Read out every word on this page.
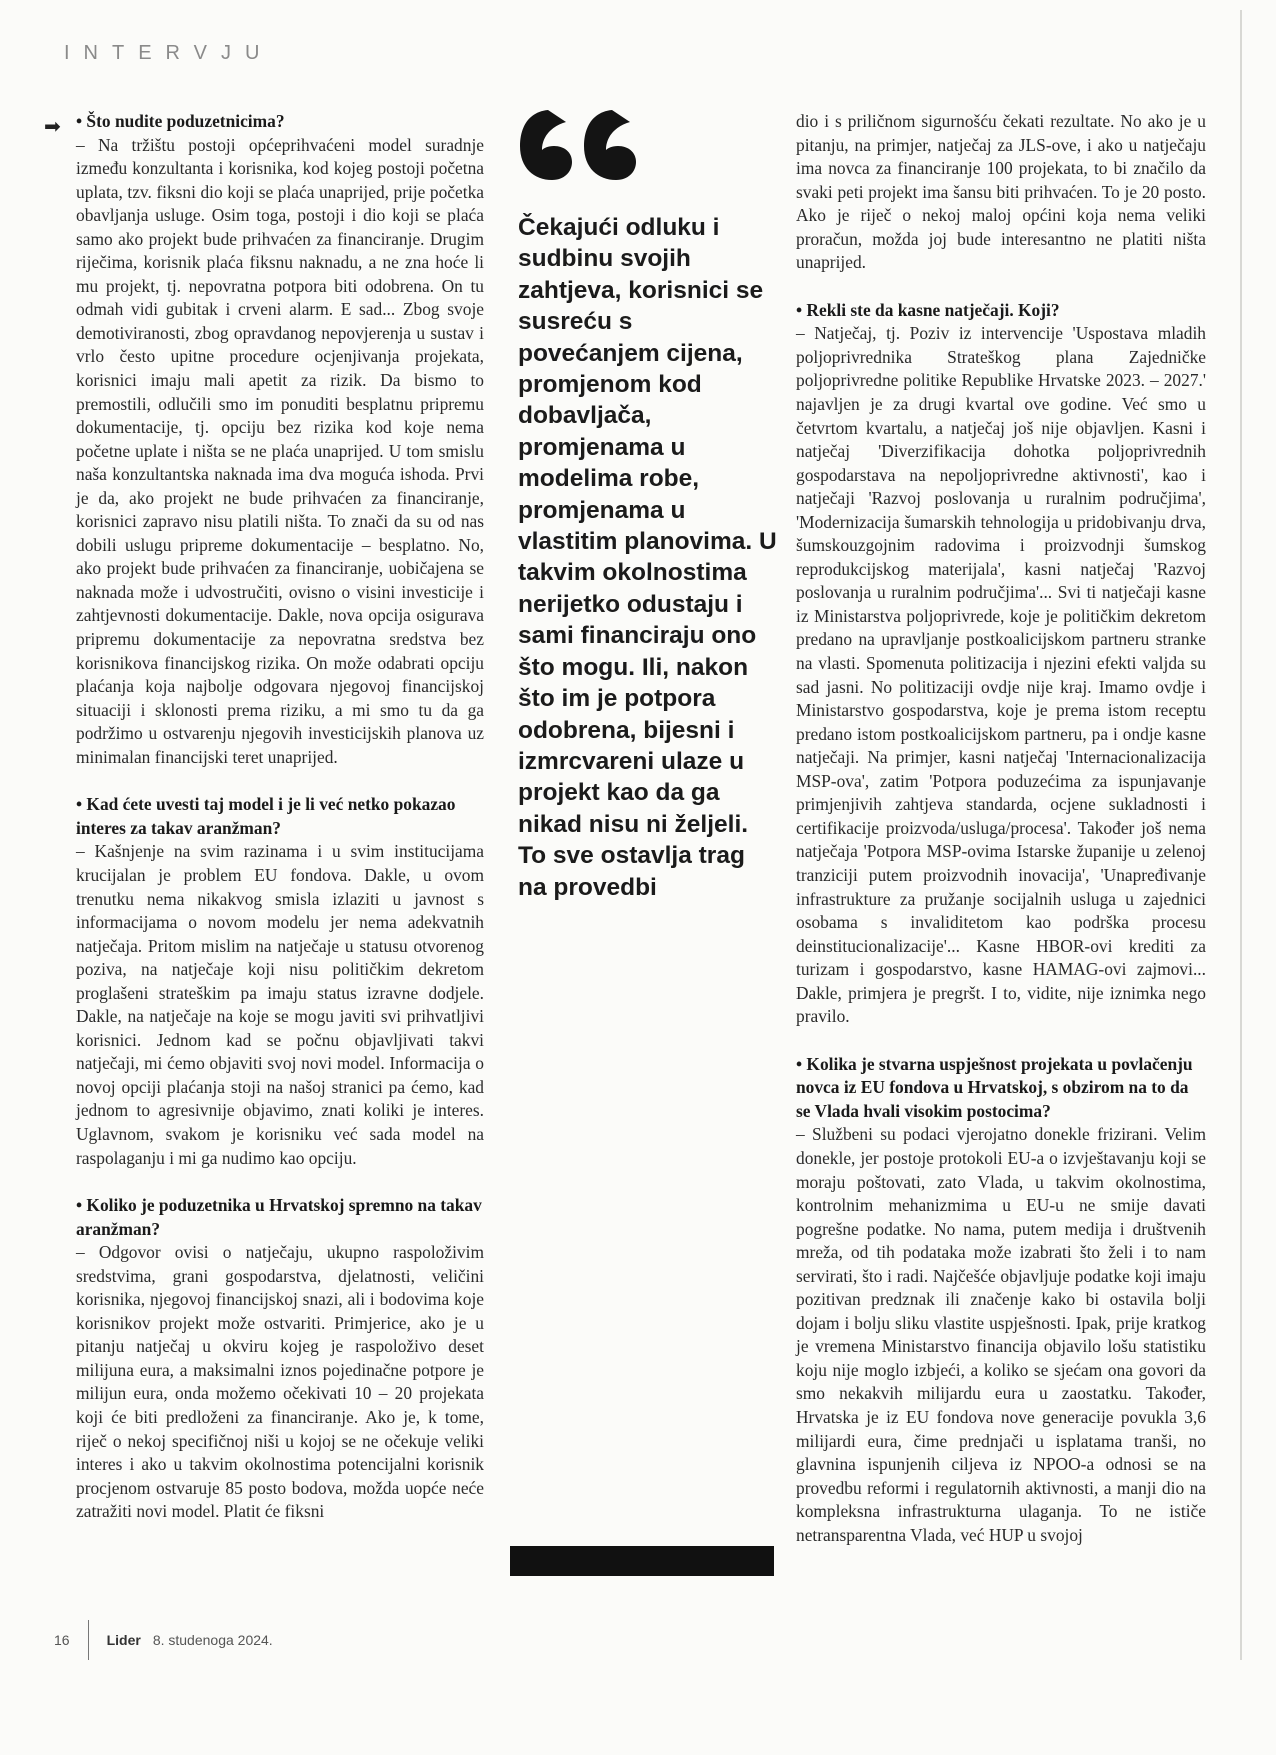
INTERVJU
➡ • Što nudite poduzetnicima?

– Na tržištu postoji općeprihvaćeni model suradnje između konzultanta i korisnika, kod kojeg postoji početna uplata, tzv. fiksni dio koji se plaća unaprijed, prije početka obavljanja usluge. Osim toga, postoji i dio koji se plaća samo ako projekt bude prihvaćen za financiranje. Drugim riječima, korisnik plaća fiksnu naknadu, a ne zna hoće li mu projekt, tj. nepovratna potpora biti odobrena. On tu odmah vidi gubitak i crveni alarm. E sad... Zbog svoje demotiviranosti, zbog opravdanog nepovjerenja u sustav i vrlo često upitne procedure ocjenjivanja projekata, korisnici imaju mali apetit za rizik. Da bismo to premostili, odlučili smo im ponuditi besplatnu pripremu dokumentacije, tj. opciju bez rizika kod koje nema početne uplate i ništa se ne plaća unaprijed. U tom smislu naša konzultantska naknada ima dva moguća ishoda. Prvi je da, ako projekt ne bude prihvaćen za financiranje, korisnici zapravo nisu platili ništa. To znači da su od nas dobili uslugu pripreme dokumentacije – besplatno. No, ako projekt bude prihvaćen za financiranje, uobičajena se naknada može i udvostručiti, ovisno o visini investicije i zahtjevnosti dokumentacije. Dakle, nova opcija osigurava pripremu dokumentacije za nepovratna sredstva bez korisnikova financijskog rizika. On može odabrati opciju plaćanja koja najbolje odgovara njegovoj financijskoj situaciji i sklonosti prema riziku, a mi smo tu da ga podržimo u ostvarenju njegovih investicijskih planova uz minimalan financijski teret unaprijed.

• Kad ćete uvesti taj model i je li već netko pokazao interes za takav aranžman?

– Kašnjenje na svim razinama i u svim institucijama krucijalan je problem EU fondova. Dakle, u ovom trenutku nema nikakvog smisla izlaziti u javnost s informacijama o novom modelu jer nema adekvatnih natječaja. Pritom mislim na natječaje u statusu otvorenog poziva, na natječaje koji nisu političkim dekretom proglašeni strateškim pa imaju status izravne dodjele. Dakle, na natječaje na koje se mogu javiti svi prihvatljivi korisnici. Jednom kad se počnu objavljivati takvi natječaji, mi ćemo objaviti svoj novi model. Informacija o novoj opciji plaćanja stoji na našoj stranici pa ćemo, kad jednom to agresivnije objavimo, znati koliki je interes. Uglavnom, svakom je korisniku već sada model na raspolaganju i mi ga nudimo kao opciju.

• Koliko je poduzetnika u Hrvatskoj spremno na takav aranžman?

– Odgovor ovisi o natječaju, ukupno raspoloživim sredstvima, grani gospodarstva, djelatnosti, veličini korisnika, njegovoj financijskoj snazi, ali i bodovima koje korisnikov projekt može ostvariti. Primjerice, ako je u pitanju natječaj u okviru kojeg je raspoloživo deset milijuna eura, a maksimalni iznos pojedinačne potpore je milijun eura, onda možemo očekivati 10 – 20 projekata koji će biti predloženi za financiranje. Ako je, k tome, riječ o nekoj specifičnoj niši u kojoj se ne očekuje veliki interes i ako u takvim okolnostima potencijalni korisnik procjenom ostvaruje 85 posto bodova, možda uopće neće zatražiti novi model. Platit će fiksni

Čekajući odluku i sudbinu svojih zahtjeva, korisnici se susreću s povećanjem cijena, promjenom kod dobavljača, promjenama u modelima robe, promjenama u vlastitim planovima. U takvim okolnostima nerijetko odustaju i sami financiraju ono što mogu. Ili, nakon što im je potpora odobrena, bijesni i izmrcvareni ulaze u projekt kao da ga nikad nisu ni željeli. To sve ostavlja trag na provedbi

dio i s priličnom sigurnošću čekati rezultate. No ako je u pitanju, na primjer, natječaj za JLS-ove, i ako u natječaju ima novca za financiranje 100 projekata, to bi značilo da svaki peti projekt ima šansu biti prihvaćen. To je 20 posto. Ako je riječ o nekoj maloj općini koja nema veliki proračun, možda joj bude interesantno ne platiti ništa unaprijed.

• Rekli ste da kasne natječaji. Koji?

– Natječaj, tj. Poziv iz intervencije 'Uspostava mladih poljoprivrednika Strateškog plana Zajedničke poljoprivredne politike Republike Hrvatske 2023. – 2027.' najavljen je za drugi kvartal ove godine. Već smo u četvrtom kvartalu, a natječaj još nije objavljen. Kasni i natječaj 'Diverzifikacija dohotka poljoprivrednih gospodarstava na nepoljoprivredne aktivnosti', kao i natječaji 'Razvoj poslovanja u ruralnim područjima', 'Modernizacija šumarskih tehnologija u pridobivanju drva, šumskouzgojnim radovima i proizvodnji šumskog reprodukcijskog materijala', kasni natječaj 'Razvoj poslovanja u ruralnim područjima'... Svi ti natječaji kasne iz Ministarstva poljoprivrede, koje je političkim dekretom predano na upravljanje postkoalicijskom partneru stranke na vlasti. Spomenuta politizacija i njezini efekti valjda su sad jasni. No politizaciji ovdje nije kraj. Imamo ovdje i Ministarstvo gospodarstva, koje je prema istom receptu predano istom postkoalicijskom partneru, pa i ondje kasne natječaji. Na primjer, kasni natječaj 'Internacionalizacija MSP-ova', zatim 'Potpora poduzećima za ispunjavanje primjenjivih zahtjeva standarda, ocjene sukladnosti i certifikacije proizvoda/usluga/procesa'. Također još nema natječaja 'Potpora MSP-ovima Istarske županije u zelenoj tranziciji putem proizvodnih inovacija', 'Unapređivanje infrastrukture za pružanje socijalnih usluga u zajednici osobama s invaliditetom kao podrška procesu deinstitucionalizacije'... Kasne HBOR-ovi krediti za turizam i gospodarstvo, kasne HAMAG-ovi zajmovi... Dakle, primjera je pregršt. I to, vidite, nije iznimka nego pravilo.

• Kolika je stvarna uspješnost projekata u povlačenju novca iz EU fondova u Hrvatskoj, s obzirom na to da se Vlada hvali visokim postocima?

– Službeni su podaci vjerojatno donekle frizirani. Velim donekle, jer postoje protokoli EU-a o izvještavanju koji se moraju poštovati, zato Vlada, u takvim okolnostima, kontrolnim mehanizmima u EU-u ne smije davati pogrešne podatke. No nama, putem medija i društvenih mreža, od tih podataka može izabrati što želi i to nam servirati, što i radi. Najčešće objavljuje podatke koji imaju pozitivan predznak ili značenje kako bi ostavila bolji dojam i bolju sliku vlastite uspješnosti. Ipak, prije kratkog je vremena Ministarstvo financija objavilo lošu statistiku koju nije moglo izbjeći, a koliko se sjećam ona govori da smo nekakvih milijardu eura u zaostatku. Također, Hrvatska je iz EU fondova nove generacije povukla 3,6 milijardi eura, čime prednjači u isplatama tranši, no glavnina ispunjenih ciljeva iz NPOO-a odnosi se na provedbu reformi i regulatornih aktivnosti, a manji dio na kompleksna infrastrukturna ulaganja. To ne ističe netransparentna Vlada, već HUP u svojoj

16	Lider 8. studenoga 2024.
